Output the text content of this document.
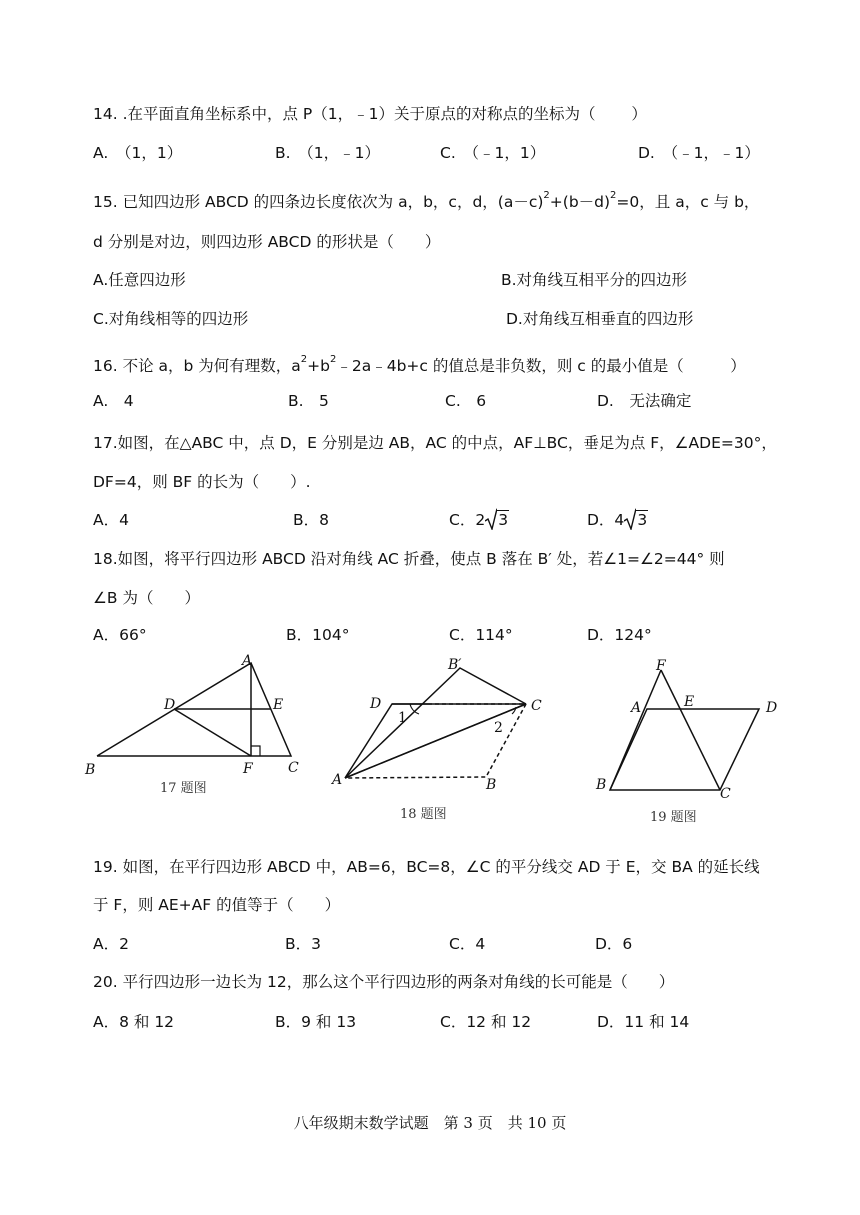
14. .在平面直角坐标系中，点 P（1，﹣1）关于原点的对称点的坐标为（　　 ）
A.　（1，1）	B.　（1，﹣1）	C.　（﹣1，1）	D.　（﹣1，﹣1）
15. 已知四边形 ABCD 的四条边长度依次为 a，b，c，d，$(a-c)^2+(b-d)^2=0$，且 a，c 与 b，
d 分别是对边，则四边形 ABCD 的形状是（　　）
A.任意四边形	B.对角线互相平分的四边形
C.对角线相等的四边形	D.对角线互相垂直的四边形
16. 不论 a，b 为何有理数，$a^2+b^2﹣2a﹣4b+c$ 的值总是非负数，则 c 的最小值是（　　　）
A.　4	B.　5	C.　6	D.　无法确定
17.如图，在△ABC 中，点 D，E 分别是边 AB，AC 的中点，AF⊥BC，垂足为点 F，∠ADE=30°，
DF=4，则 BF 的长为（　　）.
A．4	B．8	C．2 3	D．4 3
18.如图，将平行四边形 ABCD 沿对角线 AC 折叠，使点 B 落在 B′ 处，若∠1=∠2=44° 则
∠B 为（　　）
A．66°	B．104°	C．114°	D．124°
A
D	E
B	F	C
17 题图
D
B′
C
A	B
1
2
18 题图
F
A	E	D
B
C
19 题图
19. 如图，在平行四边形 ABCD 中，AB=6，BC=8，∠C 的平分线交 AD 于 E，交 BA 的延长线
于 F，则 AE+AF 的值等于（　　）
A．2	B．3	C．4	D．6
20. 平行四边形一边长为 12，那么这个平行四边形的两条对角线的长可能是（　　）
A．8 和 12	B．9 和 13	C．12 和 12	D．11 和 14
八年级期末数学试题　第 3 页　共 10 页
